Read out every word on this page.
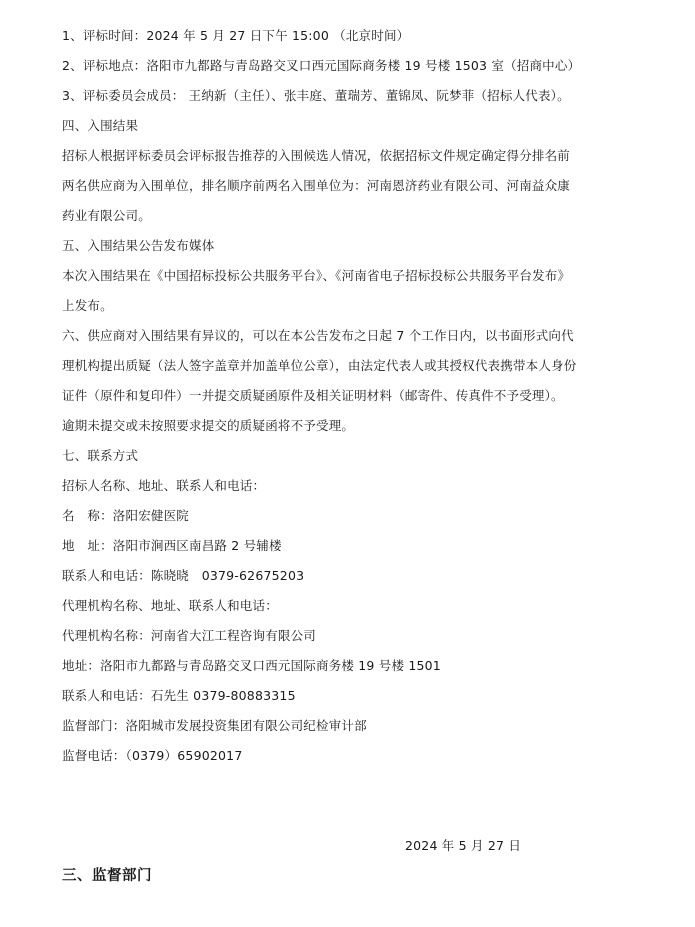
1、评标时间：2024 年 5 月 27 日下午 15:00 （北京时间）
2、评标地点：洛阳市九都路与青岛路交叉口西元国际商务楼 19 号楼 1503 室（招商中心）
3、评标委员会成员： 王纳新（主任）、张丰庭、董瑞芳、董锦凤、阮梦菲（招标人代表）。
四、入围结果
招标人根据评标委员会评标报告推荐的入围候选人情况，依据招标文件规定确定得分排名前
两名供应商为入围单位，排名顺序前两名入围单位为：河南恩济药业有限公司、河南益众康
药业有限公司。
五、入围结果公告发布媒体
本次入围结果在《中国招标投标公共服务平台》、《河南省电子招标投标公共服务平台发布》
上发布。
六、供应商对入围结果有异议的，可以在本公告发布之日起 7 个工作日内，以书面形式向代
理机构提出质疑（法人签字盖章并加盖单位公章），由法定代表人或其授权代表携带本人身份
证件（原件和复印件）一并提交质疑函原件及相关证明材料（邮寄件、传真件不予受理）。
逾期未提交或未按照要求提交的质疑函将不予受理。
七、联系方式
招标人名称、地址、联系人和电话：
名　称：洛阳宏健医院
地　址：洛阳市涧西区南昌路 2 号辅楼
联系人和电话：陈晓晓　0379-62675203
代理机构名称、地址、联系人和电话：
代理机构名称：河南省大江工程咨询有限公司
地址：洛阳市九都路与青岛路交叉口西元国际商务楼 19 号楼 1501
联系人和电话：石先生 0379-80883315
监督部门：洛阳城市发展投资集团有限公司纪检审计部
监督电话：（0379）65902017
2024 年 5 月 27 日
三、监督部门
